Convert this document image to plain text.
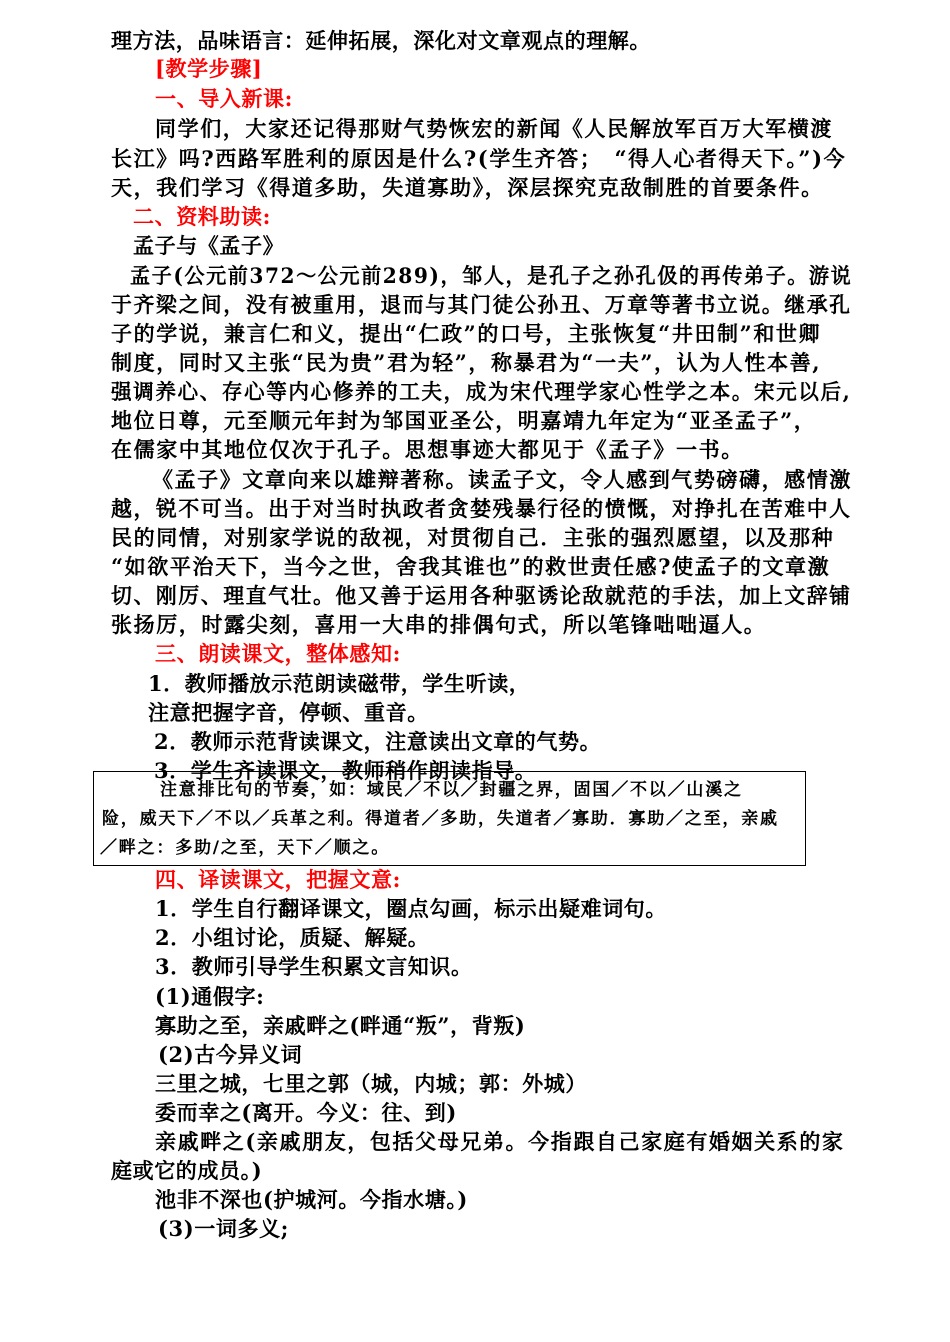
理方法，品味语言：延伸拓展，深化对文章观点的理解。
[教学步骤]
一、导入新课:
同学们，大家还记得那财气势恢宏的新闻《人民解放军百万大军横渡
长江》吗?西路军胜利的原因是什么?(学生齐答；　“得人心者得天下。”)今
天，我们学习《得道多助，失道寡助》，深层探究克敌制胜的首要条件。
二、资料助读:
孟子与《孟子》
孟子(公元前372～公元前289)，邹人，是孔子之孙孔伋的再传弟子。游说
于齐梁之间，没有被重用，退而与其门徒公孙丑、万章等著书立说。继承孔
子的学说，兼言仁和义，提出“仁政”的口号，主张恢复“井田制”和世卿
制度，同时又主张“民为贵”君为轻”，称暴君为“一夫”，认为人性本善,
强调养心、存心等内心修养的工夫，成为宋代理学家心性学之本。宋元以后,
地位日尊，元至顺元年封为邹国亚圣公，明嘉靖九年定为“亚圣孟子”，
在儒家中其地位仅次于孔子。思想事迹大都见于《孟子》一书。
《孟子》文章向来以雄辩著称。读孟子文，令人感到气势磅礴，感情激
越，锐不可当。出于对当时执政者贪婪残暴行径的愤慨，对挣扎在苦难中人
民的同情，对别家学说的敌视，对贯彻自己．主张的强烈愿望，以及那种
“如欲平治天下，当今之世，舍我其谁也”的救世责任感?使孟子的文章激
切、刚厉、理直气壮。他又善于运用各种驱诱论敌就范的手法，加上文辞铺
张扬厉，时露尖刻，喜用一大串的排偶句式，所以笔锋咄咄逼人。
三、朗读课文，整体感知:
1．教师播放示范朗读磁带，学生听读，
注意把握字音，停顿、重音。
2．教师示范背读课文，注意读出文章的气势。
3．学生齐读课文，教师稍作朗读指导。
注意排比句的节奏，如：域民／不以／封疆之界，固国／不以／山溪之
险，威天下／不以／兵革之利。得道者／多助，失道者／寡助．寡助／之至，亲戚
／畔之：多助/之至，天下／顺之。
四、译读课文，把握文意:
1．学生自行翻译课文，圈点勾画，标示出疑难词句。
2．小组讨论，质疑、解疑。
3．教师引导学生积累文言知识。
(1)通假字:
寡助之至，亲戚畔之(畔通“叛”，背叛)
(2)古今异义词
三里之城，七里之郭（城，内城；郭：外城）
委而幸之(离开。今义：往、到)
亲戚畔之(亲戚朋友，包括父母兄弟。今指跟自己家庭有婚姻关系的家
庭或它的成员。)
池非不深也(护城河。今指水塘。)
(3)一词多义;
